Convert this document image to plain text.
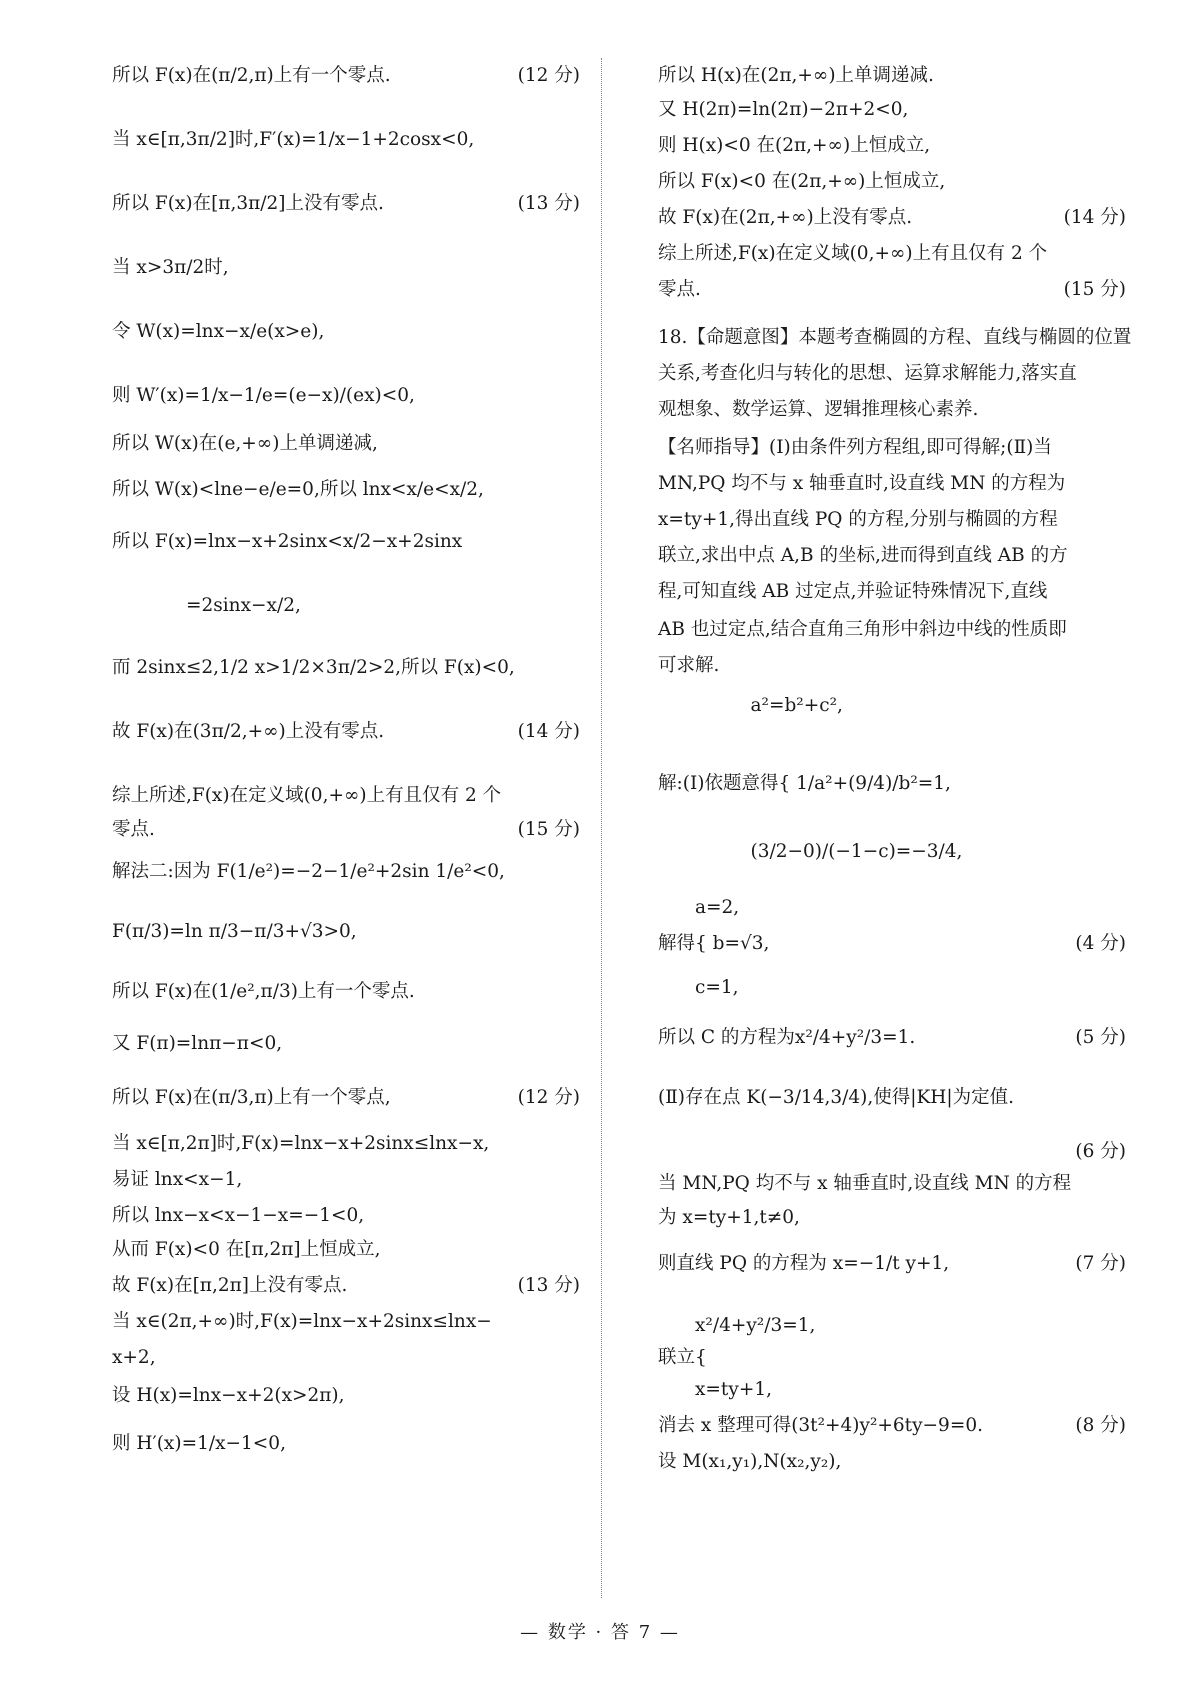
所以 F(x)在(π/2,π)上有一个零点.	(12 分)
当 x∈[π,3π/2]时,F′(x)=1/x−1+2cosx<0,
所以 F(x)在[π,3π/2]上没有零点.	(13 分)
当 x>3π/2时,
令 W(x)=lnx−x/e(x>e),
则 W′(x)=1/x−1/e=(e−x)/(ex)<0,
所以 W(x)在(e,+∞)上单调递减,
所以 W(x)<lne−e/e=0,所以 lnx<x/e<x/2,
所以 F(x)=lnx−x+2sinx<x/2−x+2sinx
　　　　=2sinx−x/2,
而 2sinx≤2,1/2 x>1/2×3π/2>2,所以 F(x)<0,
故 F(x)在(3π/2,+∞)上没有零点.	(14 分)
综上所述,F(x)在定义域(0,+∞)上有且仅有 2 个
零点.	(15 分)
解法二:因为 F(1/e²)=−2−1/e²+2sin 1/e²<0,
F(π/3)=ln π/3−π/3+√3>0,
所以 F(x)在(1/e²,π/3)上有一个零点.
又 F(π)=lnπ−π<0,
所以 F(x)在(π/3,π)上有一个零点,	(12 分)
当 x∈[π,2π]时,F(x)=lnx−x+2sinx≤lnx−x,
易证 lnx<x−1,
所以 lnx−x<x−1−x=−1<0,
从而 F(x)<0 在[π,2π]上恒成立,
故 F(x)在[π,2π]上没有零点.	(13 分)
当 x∈(2π,+∞)时,F(x)=lnx−x+2sinx≤lnx−
x+2,
设 H(x)=lnx−x+2(x>2π),
则 H′(x)=1/x−1<0,
所以 H(x)在(2π,+∞)上单调递减.
又 H(2π)=ln(2π)−2π+2<0,
则 H(x)<0 在(2π,+∞)上恒成立,
所以 F(x)<0 在(2π,+∞)上恒成立,
故 F(x)在(2π,+∞)上没有零点.	(14 分)
综上所述,F(x)在定义域(0,+∞)上有且仅有 2 个
零点.	(15 分)
18.【命题意图】本题考查椭圆的方程、直线与椭圆的位置
关系,考查化归与转化的思想、运算求解能力,落实直
观想象、数学运算、逻辑推理核心素养.
【名师指导】(Ⅰ)由条件列方程组,即可得解;(Ⅱ)当
MN,PQ 均不与 x 轴垂直时,设直线 MN 的方程为
x=ty+1,得出直线 PQ 的方程,分别与椭圆的方程
联立,求出中点 A,B 的坐标,进而得到直线 AB 的方
程,可知直线 AB 过定点,并验证特殊情况下,直线
AB 也过定点,结合直角三角形中斜边中线的性质即
可求解.
　　　　　a²=b²+c²,
解:(Ⅰ)依题意得{ 1/a²+(9/4)/b²=1,
　　　　　(3/2−0)/(−1−c)=−3/4,
　　a=2,
解得{ b=√3,	(4 分)
　　c=1,
所以 C 的方程为x²/4+y²/3=1.	(5 分)
(Ⅱ)存在点 K(−3/14,3/4),使得|KH|为定值.
(6 分)
当 MN,PQ 均不与 x 轴垂直时,设直线 MN 的方程
为 x=ty+1,t≠0,
则直线 PQ 的方程为 x=−1/t y+1,	(7 分)
　　x²/4+y²/3=1,
联立{
　　x=ty+1,
消去 x 整理可得(3t²+4)y²+6ty−9=0.	(8 分)
设 M(x₁,y₁),N(x₂,y₂),
— 数学 · 答 7 —
